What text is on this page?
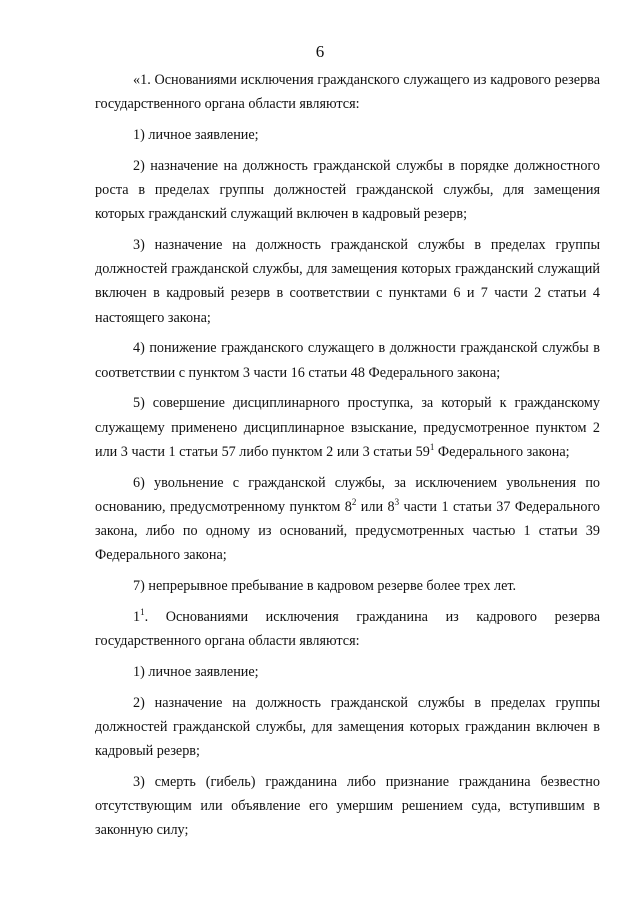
6

«1. Основаниями исключения гражданского служащего из кадрового резерва государственного органа области являются:

1) личное заявление;

2) назначение на должность гражданской службы в порядке должностного роста в пределах группы должностей гражданской службы, для замещения которых гражданский служащий включен в кадровый резерв;

3) назначение на должность гражданской службы в пределах группы должностей гражданской службы, для замещения которых гражданский служащий включен в кадровый резерв в соответствии с пунктами 6 и 7 части 2 статьи 4 настоящего закона;

4) понижение гражданского служащего в должности гражданской службы в соответствии с пунктом 3 части 16 статьи 48 Федерального закона;

5) совершение дисциплинарного проступка, за который к гражданскому служащему применено дисциплинарное взыскание, предусмотренное пунктом 2 или 3 части 1 статьи 57 либо пунктом 2 или 3 статьи $59^1$ Федерального закона;

6) увольнение с гражданской службы, за исключением увольнения по основанию, предусмотренному пунктом $8^2$ или $8^3$ части 1 статьи 37 Федерального закона, либо по одному из оснований, предусмотренных частью 1 статьи 39 Федерального закона;

7) непрерывное пребывание в кадровом резерве более трех лет.

$1^1$. Основаниями исключения гражданина из кадрового резерва государственного органа области являются:

1) личное заявление;

2) назначение на должность гражданской службы в пределах группы должностей гражданской службы, для замещения которых гражданин включен в кадровый резерв;

3) смерть (гибель) гражданина либо признание гражданина безвестно отсутствующим или объявление его умершим решением суда, вступившим в законную силу;
